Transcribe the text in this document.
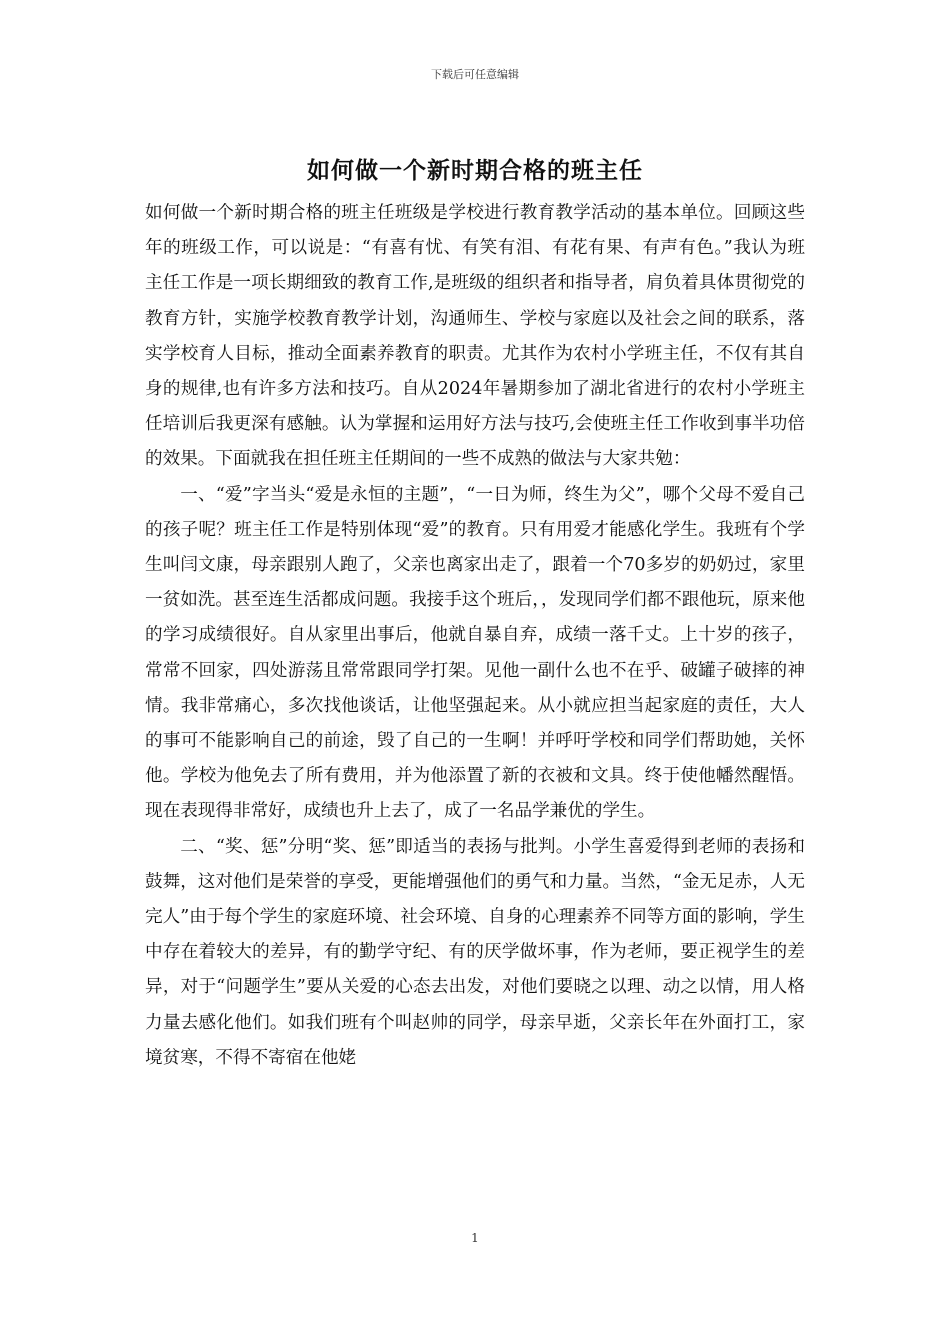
下载后可任意编辑
如何做一个新时期合格的班主任

如何做一个新时期合格的班主任班级是学校进行教育教学活动的基本单位。回顾这些年的班级工作，可以说是：“有喜有忧、有笑有泪、有花有果、有声有色。”我认为班主任工作是一项长期细致的教育工作,是班级的组织者和指导者，肩负着具体贯彻党的教育方针，实施学校教育教学计划，沟通师生、学校与家庭以及社会之间的联系，落实学校育人目标，推动全面素养教育的职责。尤其作为农村小学班主任，不仅有其自身的规律,也有许多方法和技巧。自从2024年暑期参加了湖北省进行的农村小学班主任培训后我更深有感触。认为掌握和运用好方法与技巧,会使班主任工作收到事半功倍的效果。下面就我在担任班主任期间的一些不成熟的做法与大家共勉：

一、“爱”字当头“爱是永恒的主题”，“一日为师，终生为父”，哪个父母不爱自己的孩子呢？班主任工作是特别体现“爱”的教育。只有用爱才能感化学生。我班有个学生叫闫文康，母亲跟别人跑了，父亲也离家出走了，跟着一个70多岁的奶奶过，家里一贫如洗。甚至连生活都成问题。我接手这个班后，，发现同学们都不跟他玩，原来他的学习成绩很好。自从家里出事后，他就自暴自弃，成绩一落千丈。上十岁的孩子，常常不回家，四处游荡且常常跟同学打架。见他一副什么也不在乎、破罐子破摔的神情。我非常痛心，多次找他谈话，让他坚强起来。从小就应担当起家庭的责任，大人的事可不能影响自己的前途，毁了自己的一生啊！并呼吁学校和同学们帮助她，关怀他。学校为他免去了所有费用，并为他添置了新的衣被和文具。终于使他幡然醒悟。现在表现得非常好，成绩也升上去了，成了一名品学兼优的学生。

二、“奖、惩”分明“奖、惩”即适当的表扬与批判。小学生喜爱得到老师的表扬和鼓舞，这对他们是荣誉的享受，更能增强他们的勇气和力量。当然，“金无足赤，人无完人”由于每个学生的家庭环境、社会环境、自身的心理素养不同等方面的影响，学生中存在着较大的差异，有的勤学守纪、有的厌学做坏事，作为老师，要正视学生的差异，对于“问题学生”要从关爱的心态去出发，对他们要晓之以理、动之以情，用人格力量去感化他们。如我们班有个叫赵帅的同学，母亲早逝，父亲长年在外面打工，家境贫寒，不得不寄宿在他姥

1
